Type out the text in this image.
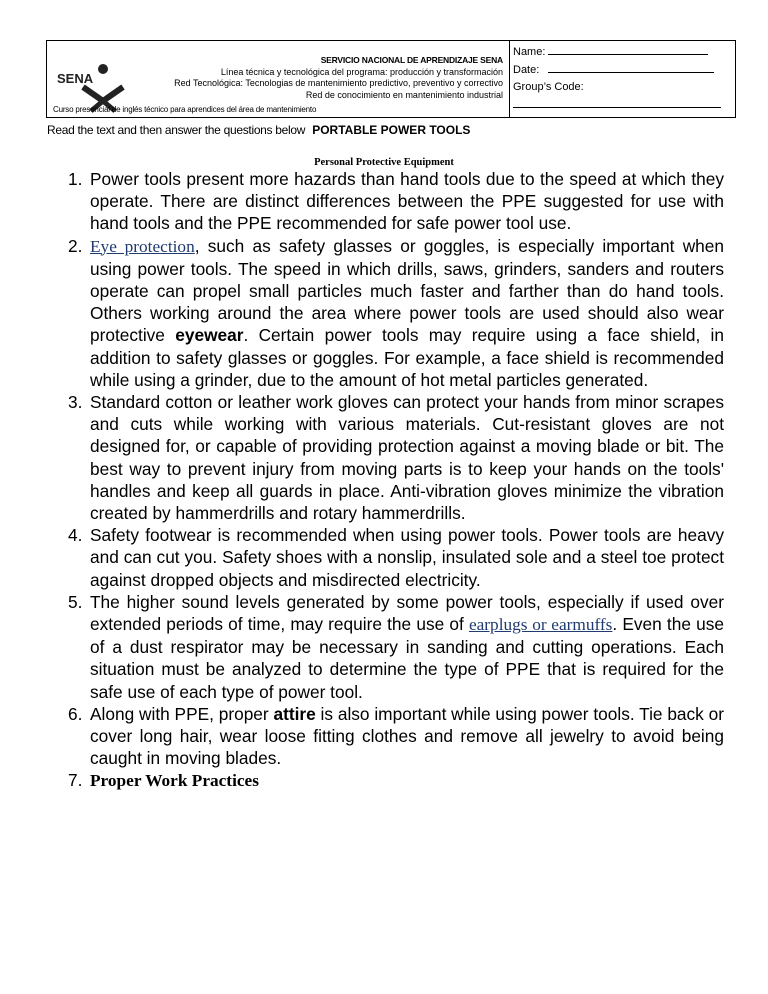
SENA
SERVICIO NACIONAL DE APRENDIZAJE SENA
Línea técnica y tecnológica del programa: producción y transformación
Red Tecnológica: Tecnologias de mantenimiento predictivo, preventivo y correctivo
Red de conocimiento en mantenimiento industrial
Curso presencial de inglés técnico para aprendices del área de mantenimiento
Name:
Date:
Group’s Code:
Read the text and then answer the questions below PORTABLE POWER TOOLS
Personal Protective Equipment
1. Power tools present more hazards than hand tools due to the speed at which they operate. There are distinct differences between the PPE suggested for use with hand tools and the PPE recommended for safe power tool use.
2. Eye protection, such as safety glasses or goggles, is especially important when using power tools. The speed in which drills, saws, grinders, sanders and routers operate can propel small particles much faster and farther than do hand tools. Others working around the area where power tools are used should also wear protective eyewear. Certain power tools may require using a face shield, in addition to safety glasses or goggles. For example, a face shield is recommended while using a grinder, due to the amount of hot metal particles generated.
3. Standard cotton or leather work gloves can protect your hands from minor scrapes and cuts while working with various materials. Cut-resistant gloves are not designed for, or capable of providing protection against a moving blade or bit. The best way to prevent injury from moving parts is to keep your hands on the tools' handles and keep all guards in place. Anti-vibration gloves minimize the vibration created by hammerdrills and rotary hammerdrills.
4. Safety footwear is recommended when using power tools. Power tools are heavy and can cut you. Safety shoes with a nonslip, insulated sole and a steel toe protect against dropped objects and misdirected electricity.
5. The higher sound levels generated by some power tools, especially if used over extended periods of time, may require the use of earplugs or earmuffs. Even the use of a dust respirator may be necessary in sanding and cutting operations. Each situation must be analyzed to determine the type of PPE that is required for the safe use of each type of power tool.
6. Along with PPE, proper attire is also important while using power tools. Tie back or cover long hair, wear loose fitting clothes and remove all jewelry to avoid being caught in moving blades.
7. Proper Work Practices
